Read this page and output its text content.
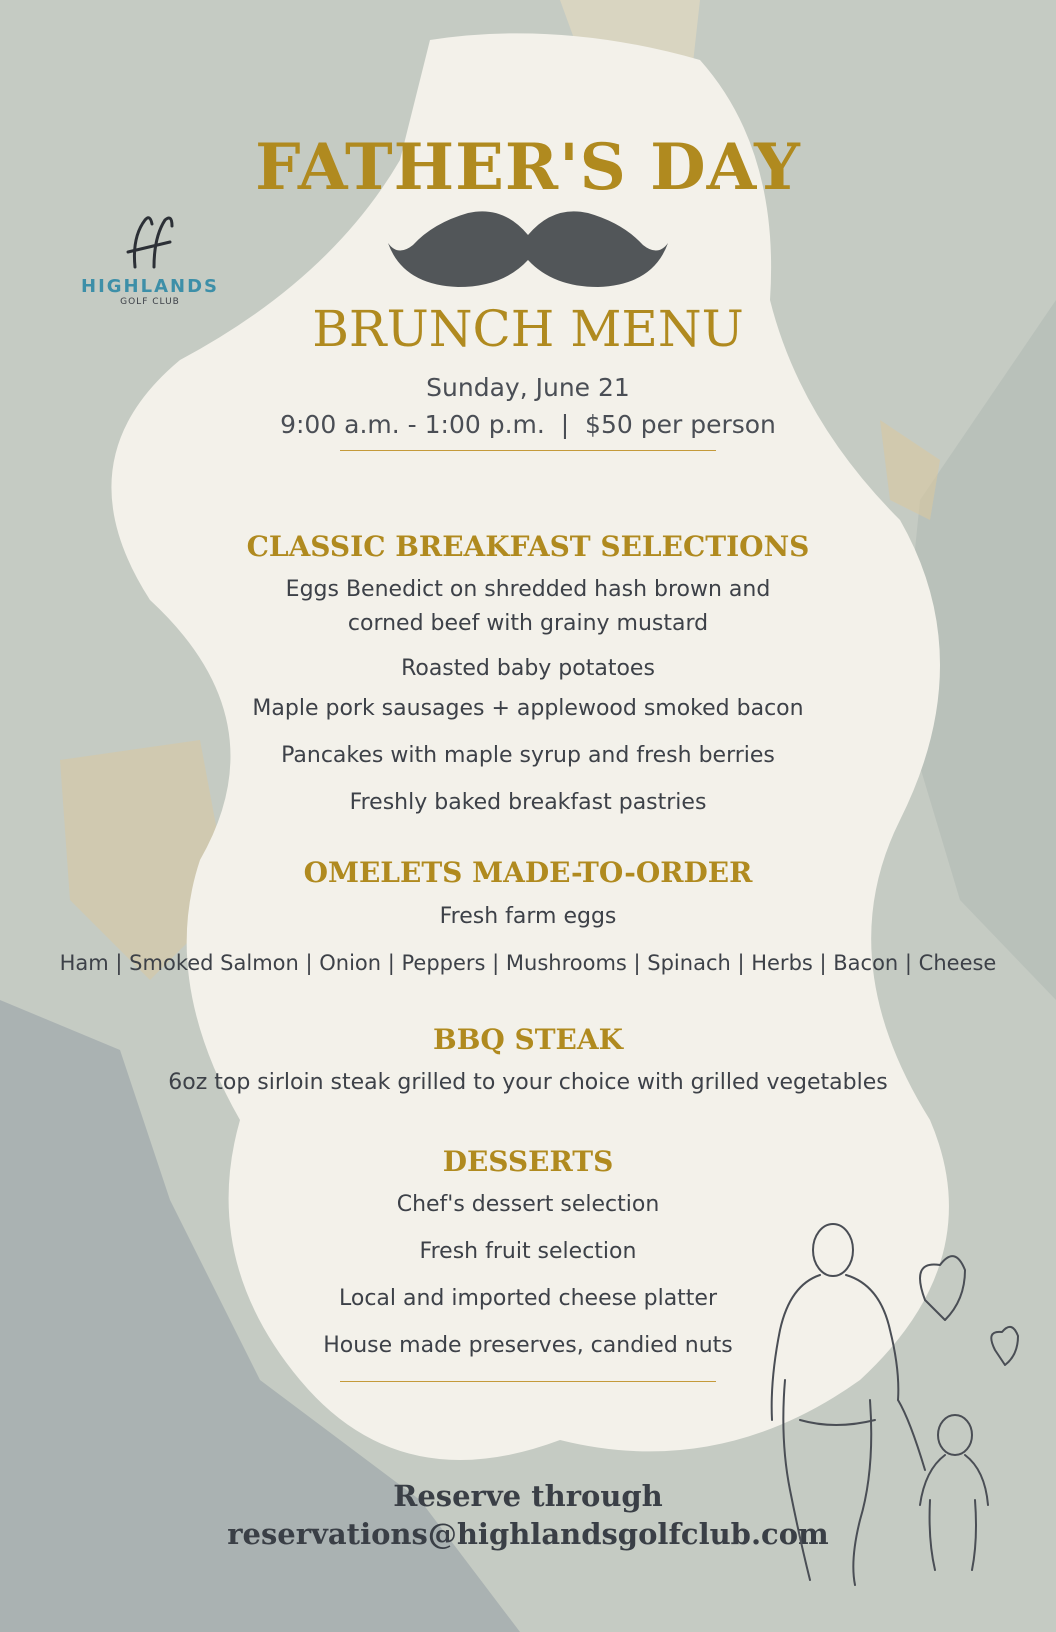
HIGHLANDS
GOLF CLUB
FATHER'S DAY
BRUNCH MENU
Sunday, June 21
9:00 a.m. - 1:00 p.m.  |  $50 per person
CLASSIC BREAKFAST SELECTIONS
Eggs Benedict on shredded hash brown and
corned beef with grainy mustard
Roasted baby potatoes
Maple pork sausages + applewood smoked bacon
Pancakes with maple syrup and fresh berries
Freshly baked breakfast pastries
OMELETS MADE-TO-ORDER
Fresh farm eggs
Ham | Smoked Salmon | Onion | Peppers | Mushrooms | Spinach | Herbs | Bacon | Cheese
BBQ STEAK
6oz top sirloin steak grilled to your choice with grilled vegetables
DESSERTS
Chef's dessert selection
Fresh fruit selection
Local and imported cheese platter
House made preserves, candied nuts
Reserve through
reservations@highlandsgolfclub.com
